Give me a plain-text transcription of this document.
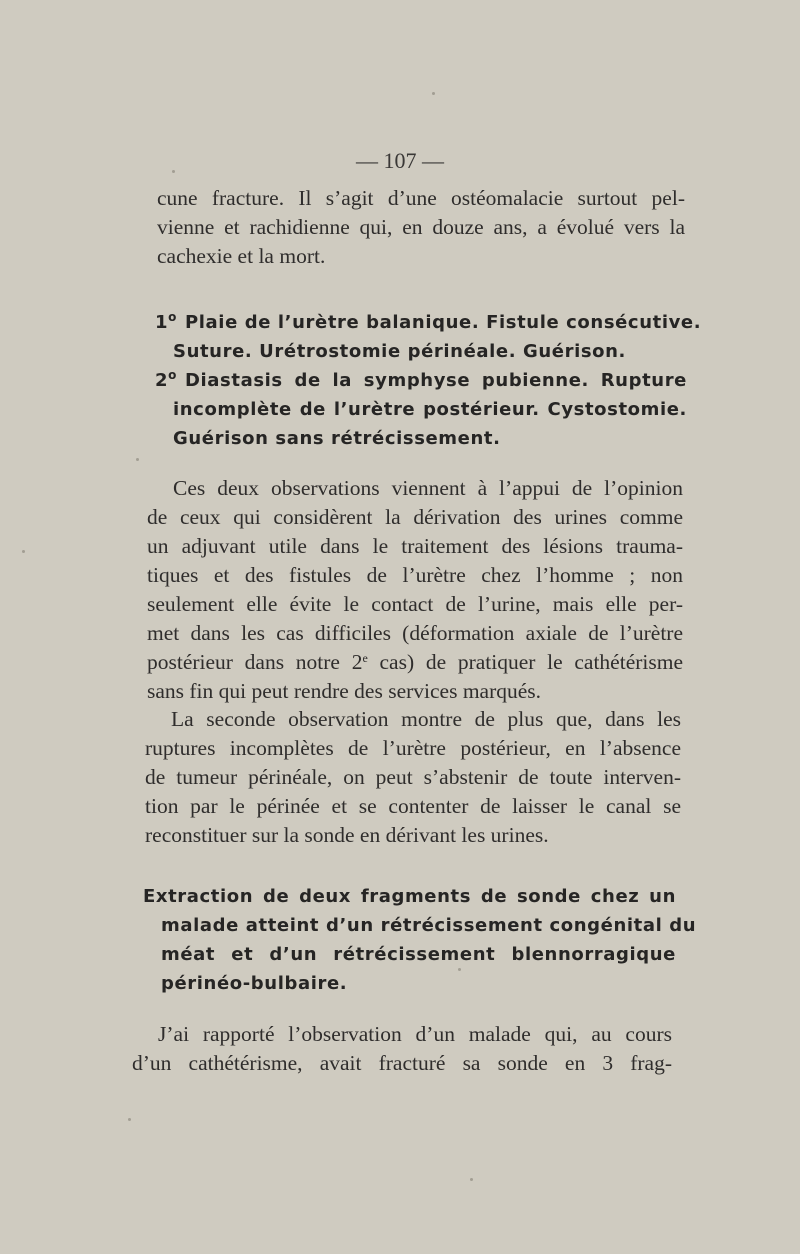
— 107 —
cune fracture. Il s’agit d’une ostéomalacie surtout pel-
vienne et rachidienne qui, en douze ans, a évolué vers la
cachexie et la mort.
1$^o$ Plaie de l’urètre balanique. Fistule consécutive.
Suture. Urétrostomie périnéale. Guérison.
2$^o$ Diastasis de la symphyse pubienne. Rupture
incomplète de l’urètre postérieur. Cystostomie.
Guérison sans rétrécissement.
Ces deux observations viennent à l’appui de l’opinion
de ceux qui considèrent la dérivation des urines comme
un adjuvant utile dans le traitement des lésions trauma-
tiques et des fistules de l’urètre chez l’homme ; non
seulement elle évite le contact de l’urine, mais elle per-
met dans les cas difficiles (déformation axiale de l’urètre
postérieur dans notre 2e cas) de pratiquer le cathétérisme
sans fin qui peut rendre des services marqués.
La seconde observation montre de plus que, dans les
ruptures incomplètes de l’urètre postérieur, en l’absence
de tumeur périnéale, on peut s’abstenir de toute interven-
tion par le périnée et se contenter de laisser le canal se
reconstituer sur la sonde en dérivant les urines.
Extraction de deux fragments de sonde chez un
malade atteint d’un rétrécissement congénital du
méat et d’un rétrécissement blennorragique
périnéo-bulbaire.
J’ai rapporté l’observation d’un malade qui, au cours
d’un cathétérisme, avait fracturé sa sonde en 3 frag-
